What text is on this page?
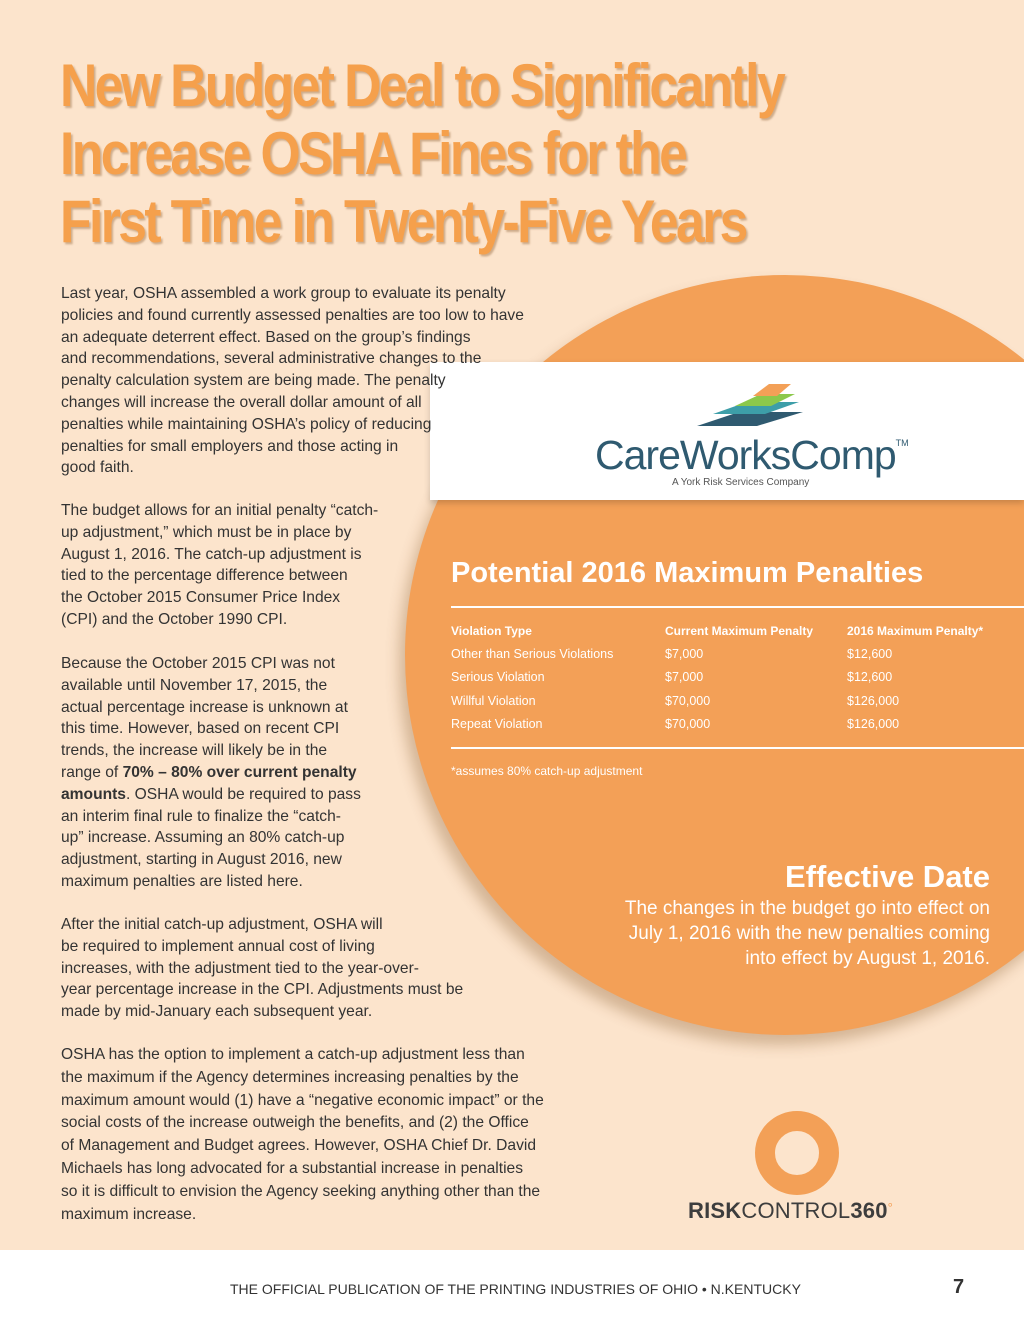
New Budget Deal to Significantly
Increase OSHA Fines for the
First Time in Twenty-Five Years
CareWorksComp™
A York Risk Services Company
Last year, OSHA assembled a work group to evaluate its penalty
policies and found currently assessed penalties are too low to have
an adequate deterrent effect. Based on the group’s findings
and recommendations, several administrative changes to the
penalty calculation system are being made. The penalty
changes will increase the overall dollar amount of all
penalties while maintaining OSHA’s policy of reducing
penalties for small employers and those acting in
good faith.
The budget allows for an initial penalty “catch-
up adjustment,” which must be in place by
August 1, 2016. The catch-up adjustment is
tied to the percentage difference between
the October 2015 Consumer Price Index
(CPI) and the October 1990 CPI.
Because the October 2015 CPI was not
available until November 17, 2015, the
actual percentage increase is unknown at
this time. However, based on recent CPI
trends, the increase will likely be in the
range of 70% – 80% over current penalty
amounts. OSHA would be required to pass
an interim final rule to finalize the “catch-
up” increase. Assuming an 80% catch-up
adjustment, starting in August 2016, new
maximum penalties are listed here.
After the initial catch-up adjustment, OSHA will
be required to implement annual cost of living
increases, with the adjustment tied to the year-over-
year percentage increase in the CPI. Adjustments must be
made by mid-January each subsequent year.
OSHA has the option to implement a catch-up adjustment less than
the maximum if the Agency determines increasing penalties by the
maximum amount would (1) have a “negative economic impact” or the
social costs of the increase outweigh the benefits, and (2) the Office
of Management and Budget agrees. However, OSHA Chief Dr. David
Michaels has long advocated for a substantial increase in penalties
so it is difficult to envision the Agency seeking anything other than the
maximum increase.
Potential 2016 Maximum Penalties
Violation Type	Current Maximum Penalty	2016 Maximum Penalty*
Other than Serious Violations	$7,000	$12,600
Serious Violation	$7,000	$12,600
Willful Violation	$70,000	$126,000
Repeat Violation	$70,000	$126,000
*assumes 80% catch-up adjustment
Effective Date

The changes in the budget go into effect on
July 1, 2016 with the new penalties coming
into effect by August 1, 2016.

RISKCONTROL360°
THE OFFICIAL PUBLICATION OF THE PRINTING INDUSTRIES OF OHIO • N.KENTUCKY	7
